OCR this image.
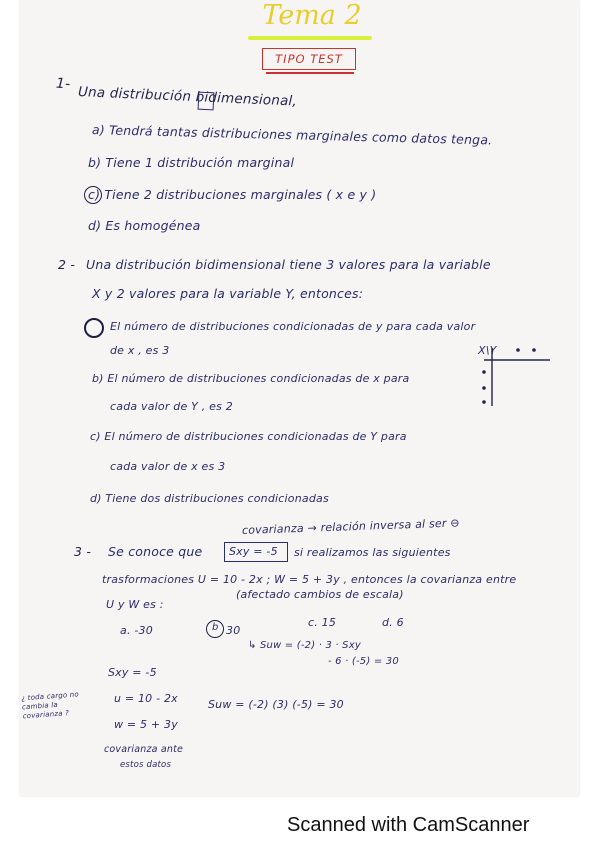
Tema 2
TIPO TEST
1-
Una distribución bidimensional,
a) Tendrá tantas distribuciones marginales como datos tenga.
b) Tiene 1 distribución marginal
c) Tiene 2 distribuciones marginales ( x e y )
d) Es homogénea
2 - Una distribución bidimensional tiene 3 valores para la variable
X y 2 valores para la variable Y, entonces:
El número de distribuciones condicionadas de y para cada valor
de x , es 3
b) El número de distribuciones condicionadas de x para
cada valor de Y , es 2
c) El número de distribuciones condicionadas de Y para
cada valor de x es 3
d) Tiene dos distribuciones condicionadas
X\Y
covarianza → relación inversa al ser ⊖
3 - Se conoce que Sxy = -5 si realizamos las siguientes
trasformaciones U = 10 - 2x ; W = 5 + 3y , entonces la covarianza entre
U y W es :
(afectado cambios de escala)
a. -30	b 30
c. 15	d. 6
↳ Suw = (-2) · 3 · Sxy
- 6 · (-5) = 30
Sxy = -5
u = 10 - 2x
w = 5 + 3y
Suw = (-2) (3) (-5) = 30
¿ toda cargo no cambia la covarianza ?
covarianza ante
estos datos
Scanned with CamScanner
